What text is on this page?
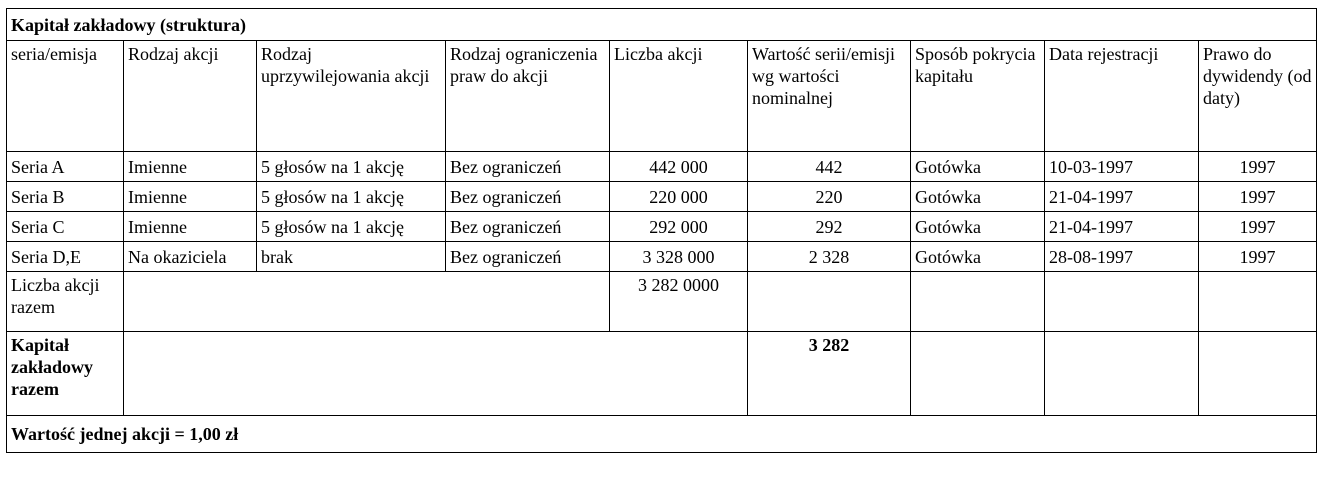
Kapitał zakładowy (struktura)								
seria/emisja	Rodzaj akcji	Rodzaj uprzywilejowania akcji	Rodzaj ograniczenia praw do akcji	Liczba akcji	Wartość serii/emisji wg wartości nominalnej	Sposób pokrycia kapitału	Data rejestracji	Prawo do dywidendy (od daty)
Seria A	Imienne	5 głosów na 1 akcję	Bez ograniczeń	442 000	442	Gotówka	10-03-1997	1997
Seria B	Imienne	5 głosów na 1 akcję	Bez ograniczeń	220 000	220	Gotówka	21-04-1997	1997
Seria C	Imienne	5 głosów na 1 akcję	Bez ograniczeń	292 000	292	Gotówka	21-04-1997	1997
Seria D,E	Na okaziciela	brak	Bez ograniczeń	3 328 000	2 328	Gotówka	28-08-1997	1997
Liczba akcji razem				3 282 0000				
Kapitał zakładowy razem					3 282			
Wartość jednej akcji = 1,00 zł								
